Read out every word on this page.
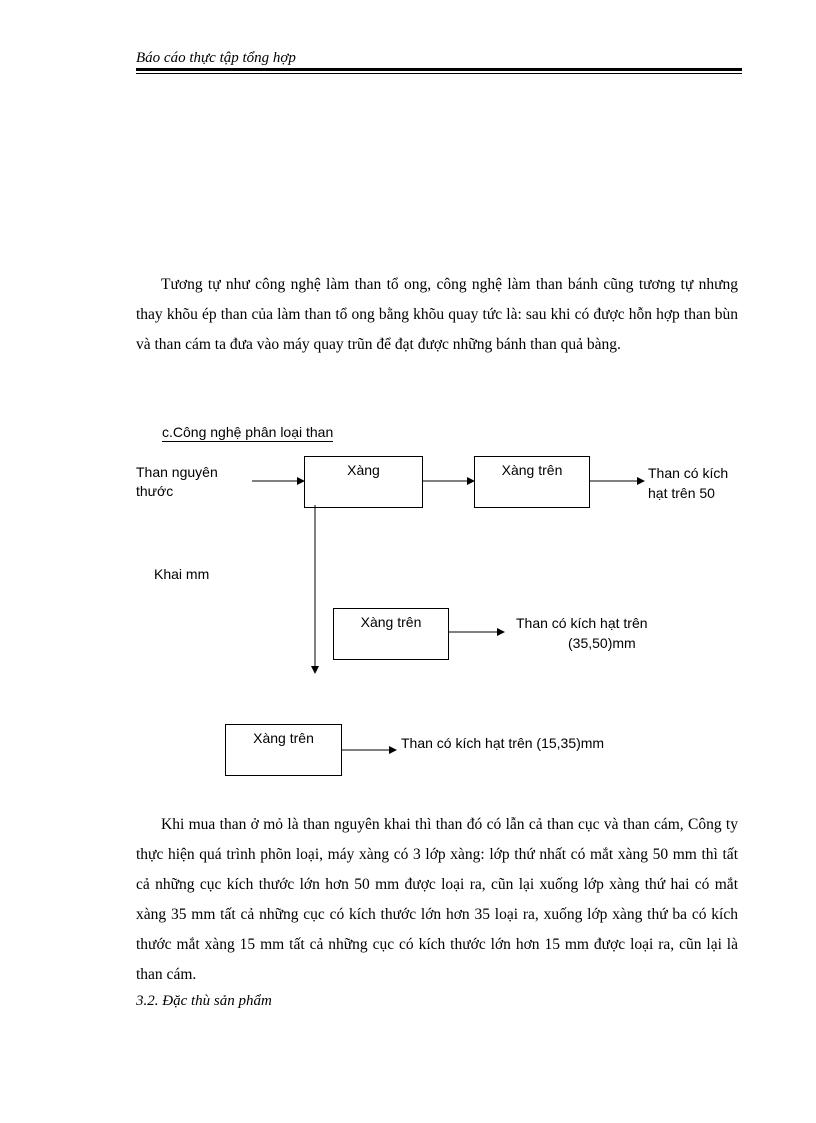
Báo cáo thực tập tổng hợp

Tương tự như công nghệ làm than tổ ong, công nghệ làm than bánh cũng tương tự nhưng thay khõu ép than của làm than tổ ong bằng khõu quay tức là: sau khi có được hỗn hợp than bùn và than cám ta đưa vào máy quay trũn để đạt được những bánh than quả bàng.

c.Công nghệ phân loại than
Than nguyên
thước
Xàng	Xàng trên	Than có kích
hạt trên 50
Khai mm
Xàng trên	Than có kích hạt trên
(35,50)mm
Xàng trên	Than có kích hạt trên (15,35)mm

Khi mua than ở mỏ là than nguyên khai thì than đó có lẫn cả than cục và than cám, Công ty thực hiện quá trình phõn loại, máy xàng có 3 lớp xàng: lớp thứ nhất có mắt xàng 50 mm thì tất cả những cục kích thước lớn hơn 50 mm được loại ra, cũn lại xuống lớp xàng thứ hai có mắt xàng 35 mm tất cả những cục có kích thước lớn hơn 35 loại ra, xuống lớp xàng thứ ba có kích thước mắt xàng 15 mm tất cả những cục có kích thước lớn hơn 15 mm được loại ra, cũn lại là than cám.

3.2. Đặc thù sản phẩm
